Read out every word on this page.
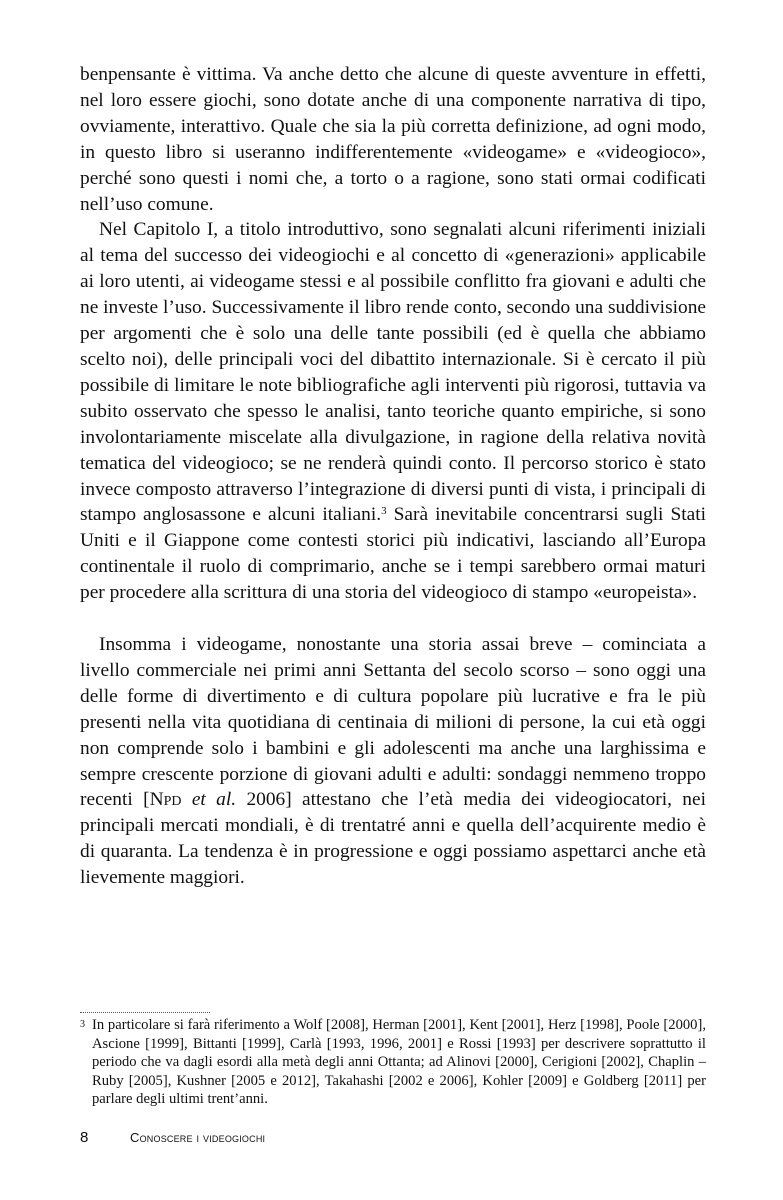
benpensante è vittima. Va anche detto che alcune di queste avventure in effetti, nel loro essere giochi, sono dotate anche di una componente narrativa di tipo, ovviamente, interattivo. Quale che sia la più corretta definizione, ad ogni modo, in questo libro si useranno indifferentemente «videogame» e «videogioco», perché sono questi i nomi che, a torto o a ragione, sono stati ormai codificati nell’uso comune.

Nel Capitolo I, a titolo introduttivo, sono segnalati alcuni riferimenti iniziali al tema del successo dei videogiochi e al concetto di «generazioni» applicabile ai loro utenti, ai videogame stessi e al possibile conflitto fra giovani e adulti che ne investe l’uso. Successivamente il libro rende conto, secondo una suddivisione per argomenti che è solo una delle tante possibili (ed è quella che abbiamo scelto noi), delle principali voci del dibattito internazionale. Si è cercato il più possibile di limitare le note bibliografiche agli interventi più rigorosi, tuttavia va subito osservato che spesso le analisi, tanto teoriche quanto empiriche, si sono involontariamente miscelate alla divulgazione, in ragione della relativa novità tematica del videogioco; se ne renderà quindi conto. Il percorso storico è stato invece composto attraverso l’integrazione di diversi punti di vista, i principali di stampo anglosassone e alcuni italiani.$^3$ Sarà inevitabile concentrarsi sugli Stati Uniti e il Giappone come contesti storici più indicativi, lasciando all’Europa continentale il ruolo di comprimario, anche se i tempi sarebbero ormai maturi per procedere alla scrittura di una storia del videogioco di stampo «europeista».

Insomma i videogame, nonostante una storia assai breve – cominciata a livello commerciale nei primi anni Settanta del secolo scorso – sono oggi una delle forme di divertimento e di cultura popolare più lucrative e fra le più presenti nella vita quotidiana di centinaia di milioni di persone, la cui età oggi non comprende solo i bambini e gli adolescenti ma anche una larghissima e sempre crescente porzione di giovani adulti e adulti: sondaggi nemmeno troppo recenti [Npd et al. 2006] attestano che l’età media dei videogiocatori, nei principali mercati mondiali, è di trentatré anni e quella dell’acquirente medio è di quaranta. La tendenza è in progressione e oggi possiamo aspettarci anche età lievemente maggiori.

3 In particolare si farà riferimento a Wolf [2008], Herman [2001], Kent [2001], Herz [1998], Poole [2000], Ascione [1999], Bittanti [1999], Carlà [1993, 1996, 2001] e Rossi [1993] per descrivere soprattutto il periodo che va dagli esordi alla metà degli anni Ottanta; ad Alinovi [2000], Cerigioni [2002], Chaplin – Ruby [2005], Kushner [2005 e 2012], Takahashi [2002 e 2006], Kohler [2009] e Goldberg [2011] per parlare degli ultimi trent’anni.

8	Conoscere i videogiochi
